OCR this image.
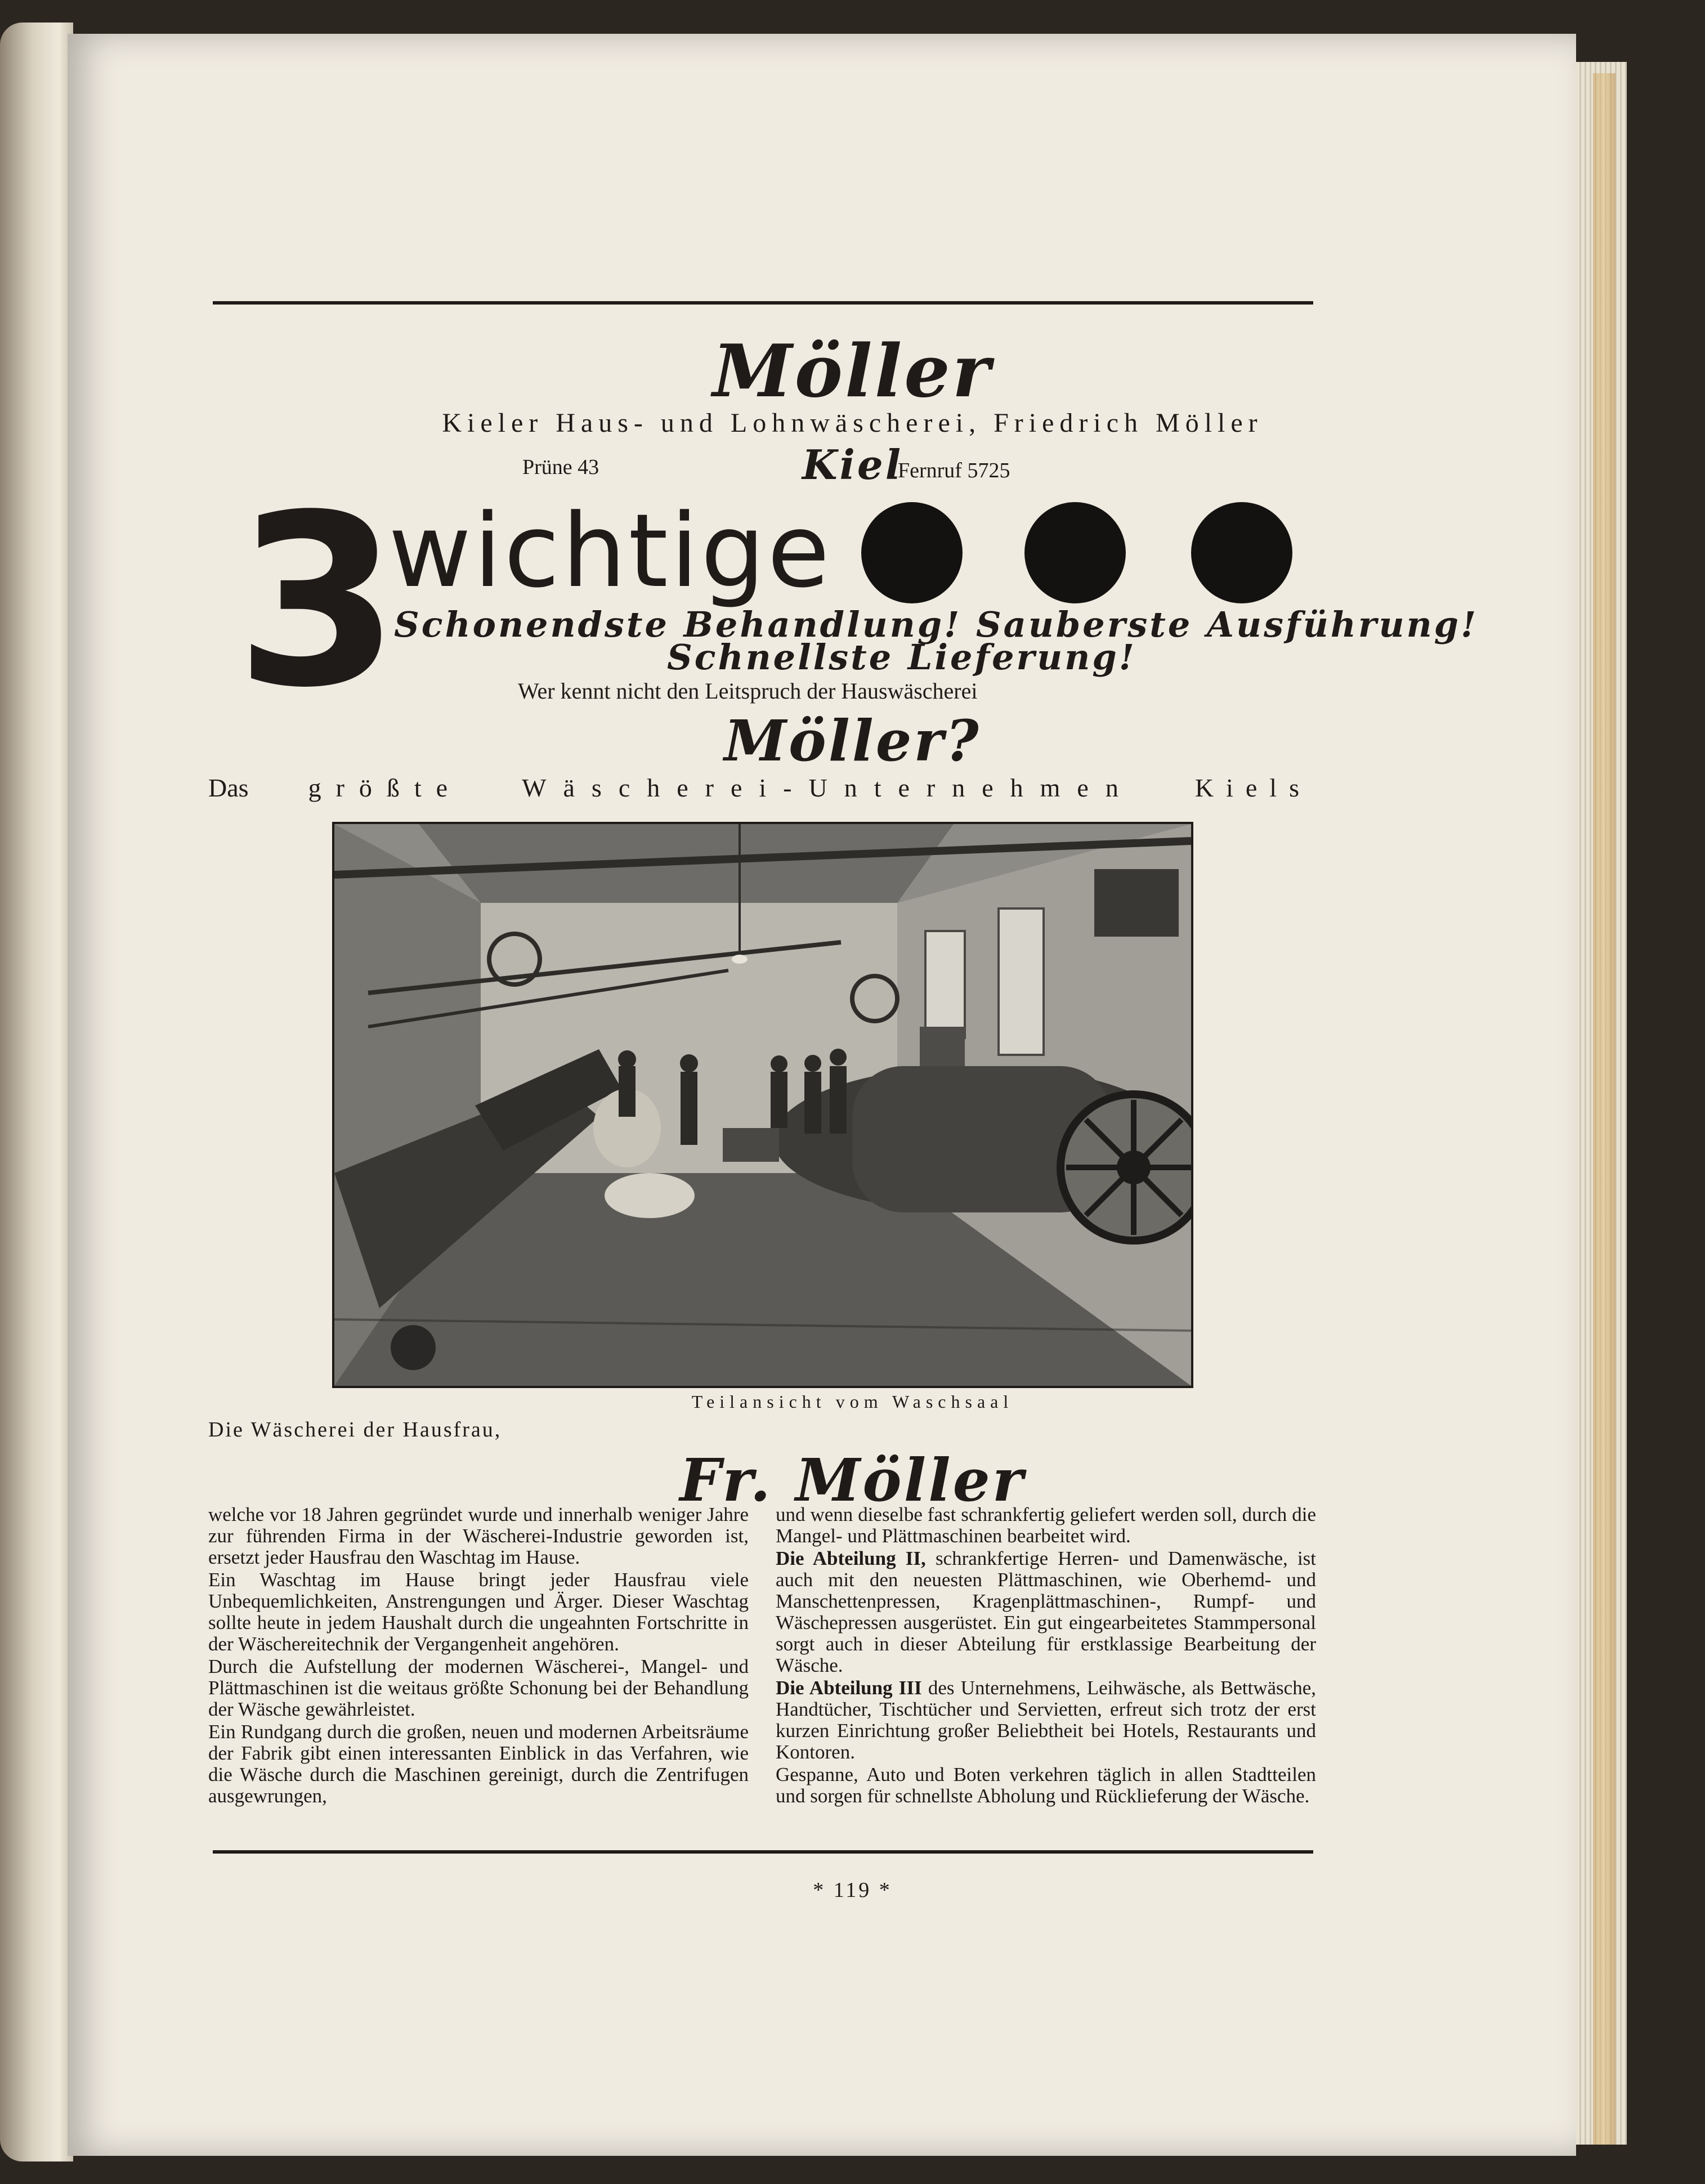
Möller
Kieler Haus- und Lohnwäscherei, Friedrich Möller
Prüne 43	Kiel
Fernruf 5725
3
wichtige
Schonendste Behandlung! Sauberste Ausführung!
Schnellste Lieferung!
Wer kennt nicht den Leitspruch der Hauswäscherei
Möller?
Das größte Wäscherei-Unternehmen Kiels
Teilansicht vom Waschsaal
Die Wäscherei der Hausfrau,
Fr. Möller

welche vor 18 Jahren gegründet wurde und innerhalb weniger Jahre zur führenden Firma in der Wäscherei-Industrie geworden ist, ersetzt jeder Hausfrau den Waschtag im Hause.

Ein Waschtag im Hause bringt jeder Hausfrau viele Unbequemlichkeiten, Anstrengungen und Ärger. Dieser Waschtag sollte heute in jedem Haushalt durch die ungeahnten Fortschritte in der Wäschereitechnik der Vergangenheit angehören.

Durch die Aufstellung der modernen Wäscherei-, Mangel- und Plättmaschinen ist die weitaus größte Schonung bei der Behandlung der Wäsche gewährleistet.

Ein Rundgang durch die großen, neuen und modernen Arbeitsräume der Fabrik gibt einen interessanten Einblick in das Verfahren, wie die Wäsche durch die Maschinen gereinigt, durch die Zentrifugen ausgewrungen,

und wenn dieselbe fast schrankfertig geliefert werden soll, durch die Mangel- und Plättmaschinen bearbeitet wird.

Die Abteilung II, schrankfertige Herren- und Damenwäsche, ist auch mit den neuesten Plättmaschinen, wie Oberhemd- und Manschettenpressen, Kragenplättmaschinen-, Rumpf- und Wäschepressen ausgerüstet. Ein gut eingearbeitetes Stammpersonal sorgt auch in dieser Abteilung für erstklassige Bearbeitung der Wäsche.

Die Abteilung III des Unternehmens, Leihwäsche, als Bettwäsche, Handtücher, Tischtücher und Servietten, erfreut sich trotz der erst kurzen Einrichtung großer Beliebtheit bei Hotels, Restaurants und Kontoren.

Gespanne, Auto und Boten verkehren täglich in allen Stadtteilen und sorgen für schnellste Abholung und Rücklieferung der Wäsche.

* 119 *
